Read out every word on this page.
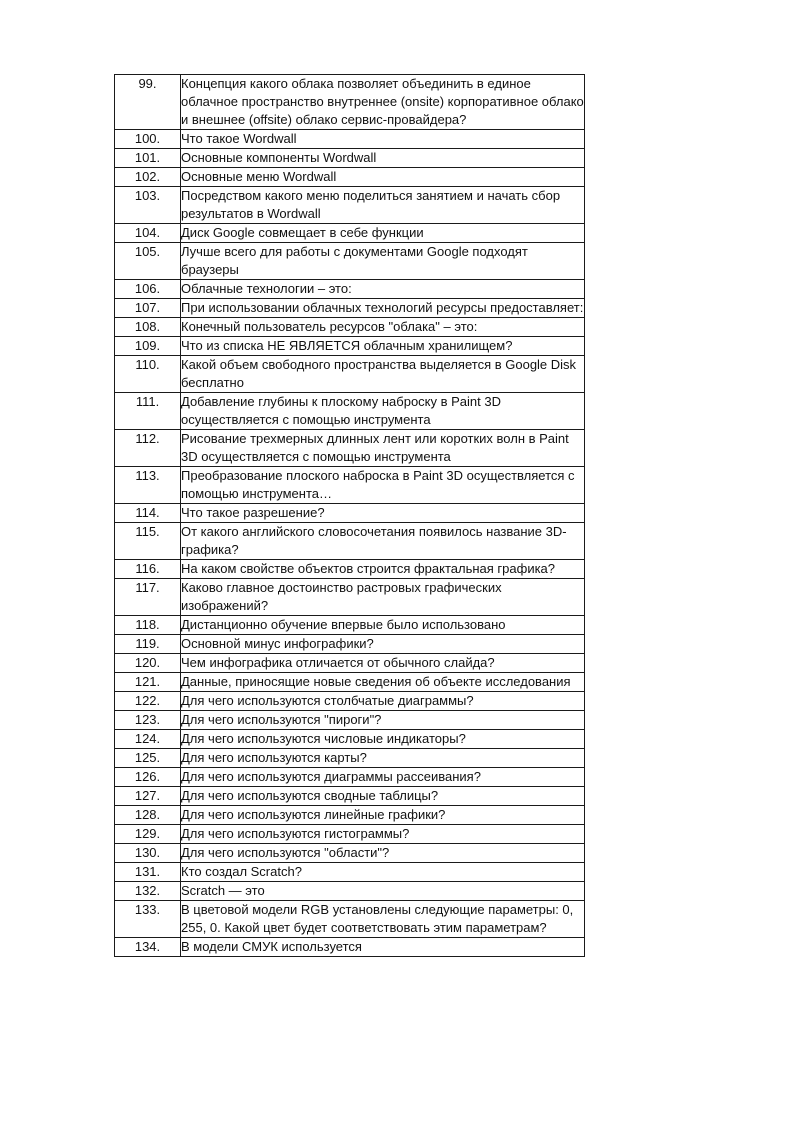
99.	Концепция какого облака позволяет объединить в единое облачное пространство внутреннее (onsite) корпоративное облако и внешнее (offsite) облако сервис-провайдера?
100.	Что такое Wordwall
101.	Основные компоненты Wordwall
102.	Основные меню Wordwall
103.	Посредством какого меню поделиться занятием и начать сбор результатов в Wordwall
104.	Диск Google совмещает в себе функции
105.	Лучше всего для работы с документами Google подходят браузеры
106.	Облачные технологии – это:
107.	При использовании облачных технологий ресурсы предоставляет:
108.	Конечный пользователь ресурсов "облака" – это:
109.	Что из списка НЕ ЯВЛЯЕТСЯ облачным хранилищем?
110.	Какой объем свободного пространства выделяется в Google Disk бесплатно
111.	Добавление глубины к плоскому наброску в Paint 3D осуществляется с помощью инструмента
112.	Рисование трехмерных длинных лент или коротких волн в Paint 3D осуществляется с помощью инструмента
113.	Преобразование плоского наброска в Paint 3D осуществляется с помощью инструмента…
114.	Что такое разрешение?
115.	От какого английского словосочетания появилось название 3D-графика?
116.	На каком свойстве объектов строится фрактальная графика?
117.	Каково главное достоинство растровых графических изображений?
118.	Дистанционно обучение впервые было использовано
119.	Основной минус инфографики?
120.	Чем инфографика отличается от обычного слайда?
121.	Данные, приносящие новые сведения об объекте исследования
122.	Для чего используются столбчатые диаграммы?
123.	Для чего используются "пироги"?
124.	Для чего используются числовые индикаторы?
125.	Для чего используются карты?
126.	Для чего используются диаграммы рассеивания?
127.	Для чего используются сводные таблицы?
128.	Для чего используются линейные графики?
129.	Для чего используются гистограммы?
130.	Для чего используются "области"?
131.	Кто создал Scratch?
132.	Scratch — это
133.	В цветовой модели RGB установлены следующие параметры: 0, 255, 0. Какой цвет будет соответствовать этим параметрам?
134.	В модели СМУК используется
